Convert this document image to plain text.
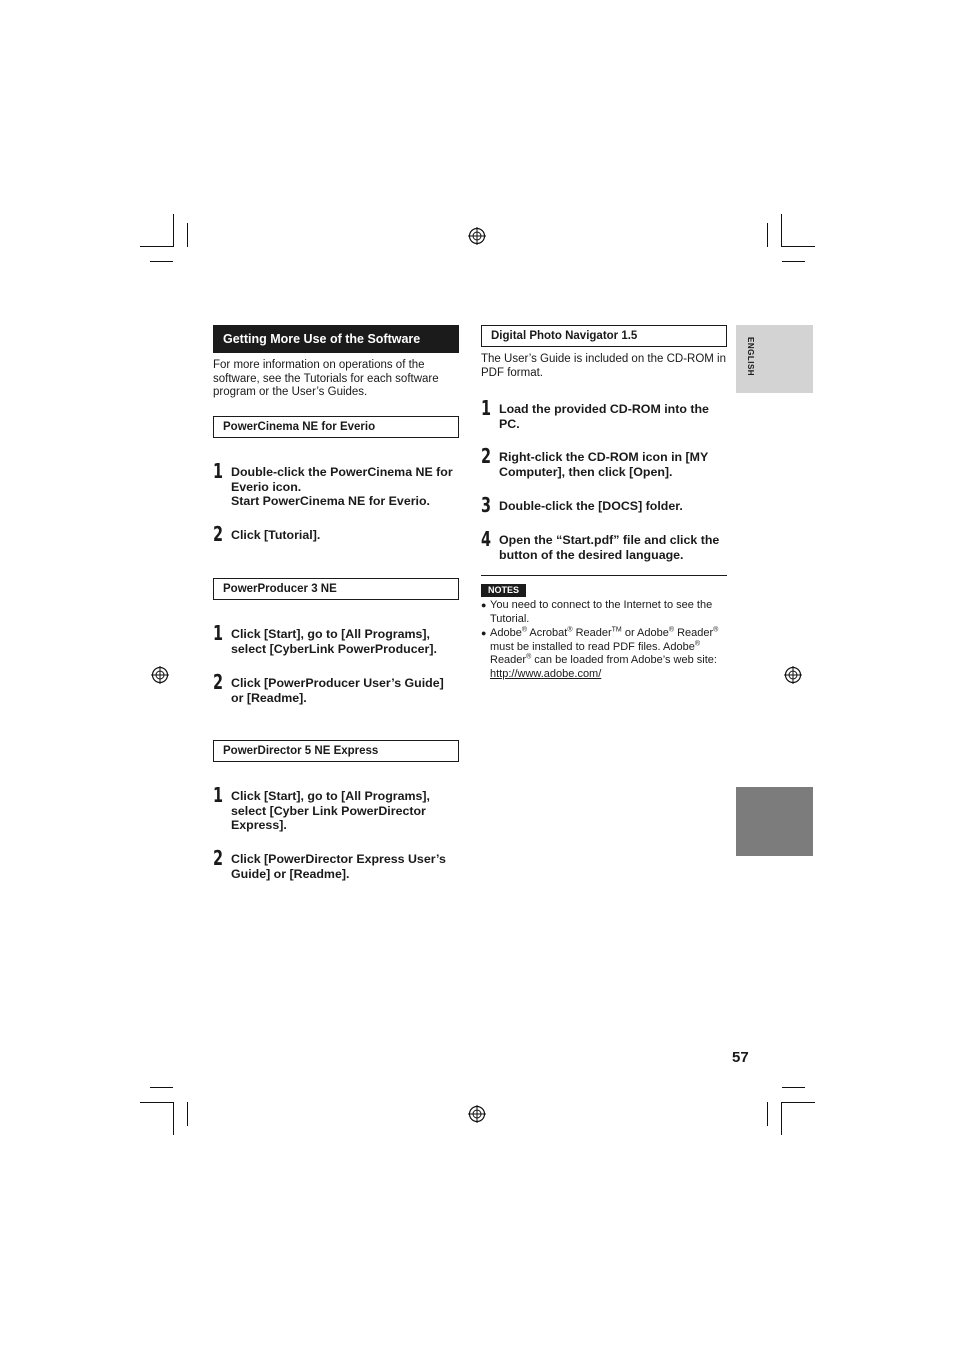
Getting More Use of the Software
For more information on operations of the software, see the Tutorials for each software program or the User’s Guides.
PowerCinema NE for Everio
1 Double-click the PowerCinema NE for Everio icon.
Start PowerCinema NE for Everio.
2 Click [Tutorial].
PowerProducer 3 NE
1 Click [Start], go to [All Programs], select [CyberLink PowerProducer].
2 Click [PowerProducer User’s Guide] or [Readme].
PowerDirector 5 NE Express
1 Click [Start], go to [All Programs], select [Cyber Link PowerDirector Express].
2 Click [PowerDirector Express User’s Guide] or [Readme].
Digital Photo Navigator 1.5
The User’s Guide is included on the CD-ROM in PDF format.
1 Load the provided CD-ROM into the PC.
2 Right-click the CD-ROM icon in [MY Computer], then click [Open].
3 Double-click the [DOCS] folder.
4 Open the “Start.pdf” file and click the button of the desired language.
NOTES
● You need to connect to the Internet to see the Tutorial.
● Adobe® Acrobat® Reader™ or Adobe® Reader® must be installed to read PDF files. Adobe® Reader® can be loaded from Adobe’s web site: http://www.adobe.com/
ENGLISH
57
